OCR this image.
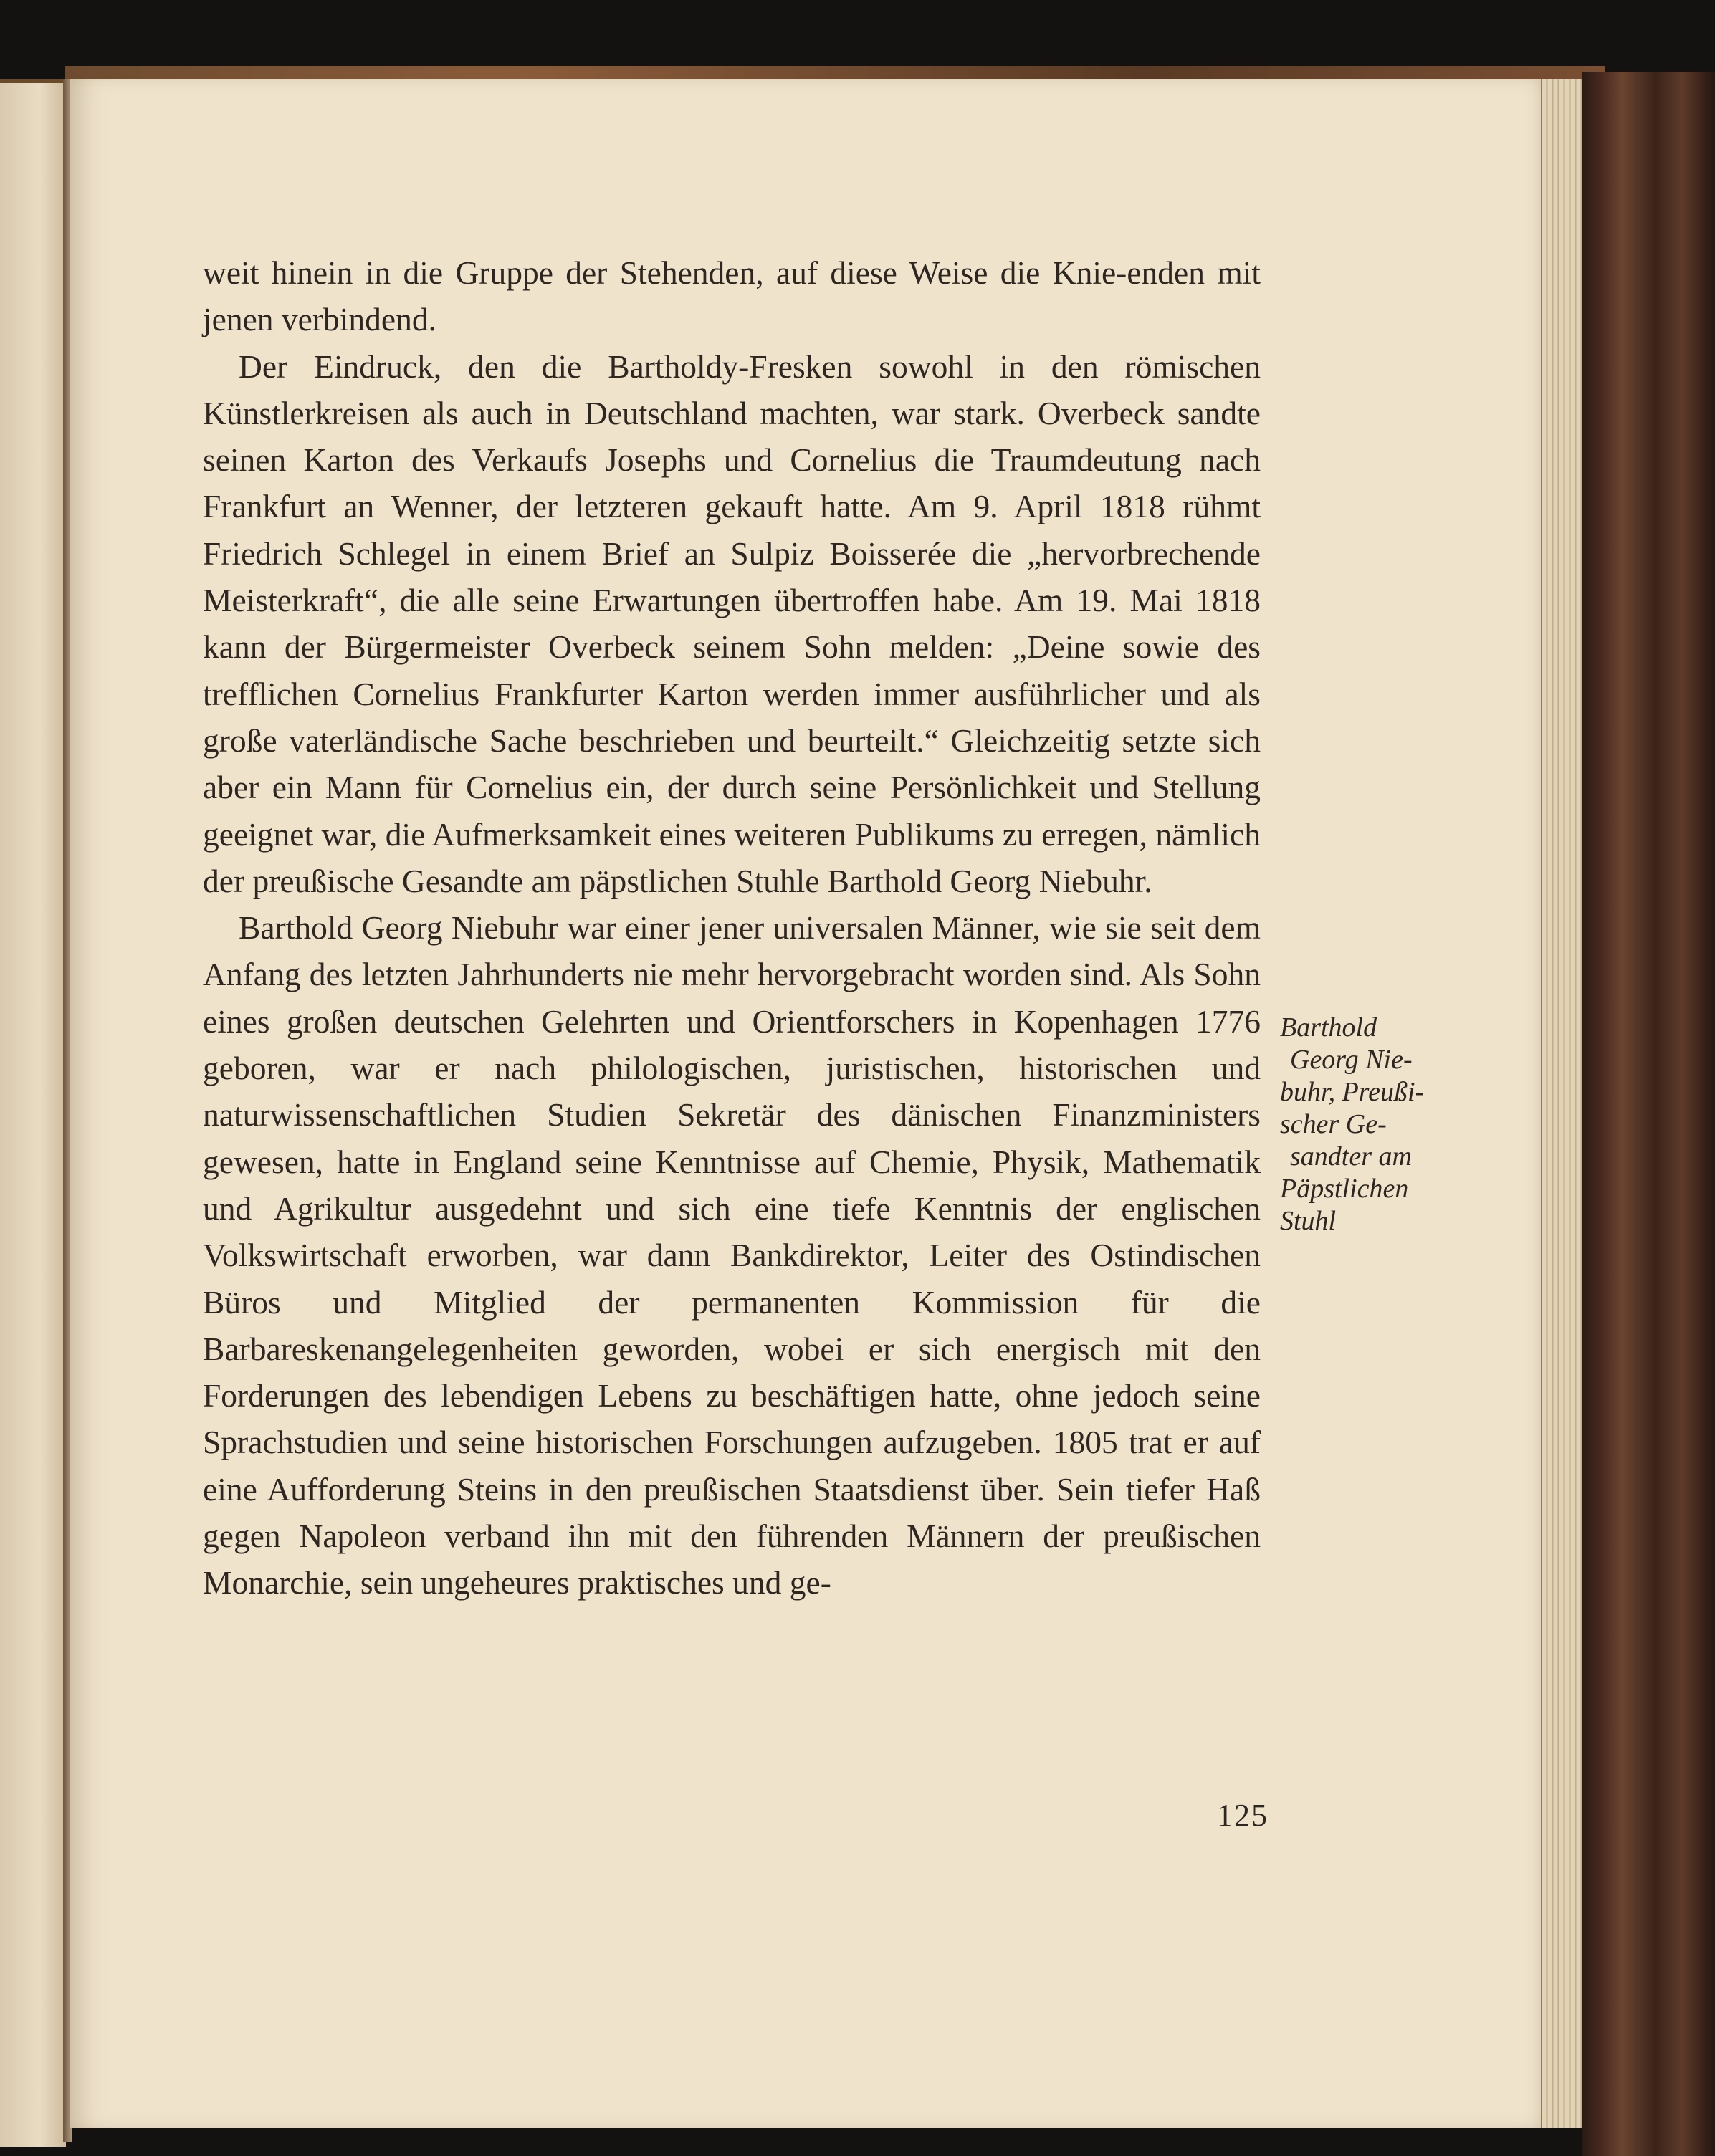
weit hinein in die Gruppe der Stehenden, auf diese Weise die Knie-enden mit jenen verbindend.

Der Eindruck, den die Bartholdy-Fresken sowohl in den römischen Künstlerkreisen als auch in Deutschland machten, war stark. Overbeck sandte seinen Karton des Verkaufs Josephs und Cornelius die Traumdeutung nach Frankfurt an Wenner, der letzteren gekauft hatte. Am 9. April 1818 rühmt Friedrich Schlegel in einem Brief an Sulpiz Boisserée die „hervorbrechende Meisterkraft“, die alle seine Erwartungen übertroffen habe. Am 19. Mai 1818 kann der Bürgermeister Overbeck seinem Sohn melden: „Deine sowie des trefflichen Cornelius Frankfurter Karton werden immer ausführlicher und als große vaterländische Sache beschrieben und beurteilt.“ Gleichzeitig setzte sich aber ein Mann für Cornelius ein, der durch seine Persönlichkeit und Stellung geeignet war, die Aufmerksamkeit eines weiteren Publikums zu erregen, nämlich der preußische Gesandte am päpstlichen Stuhle Barthold Georg Niebuhr.

Barthold Georg Niebuhr war einer jener universalen Männer, wie sie seit dem Anfang des letzten Jahrhunderts nie mehr hervorgebracht worden sind. Als Sohn eines großen deutschen Gelehrten und Orientforschers in Kopenhagen 1776 geboren, war er nach philologischen, juristischen, historischen und naturwissenschaftlichen Studien Sekretär des dänischen Finanzministers gewesen, hatte in England seine Kenntnisse auf Chemie, Physik, Mathematik und Agrikultur ausgedehnt und sich eine tiefe Kenntnis der englischen Volkswirtschaft erworben, war dann Bankdirektor, Leiter des Ostindischen Büros und Mitglied der permanenten Kommission für die Barbareskenangelegenheiten geworden, wobei er sich energisch mit den Forderungen des lebendigen Lebens zu beschäftigen hatte, ohne jedoch seine Sprachstudien und seine historischen Forschungen aufzugeben. 1805 trat er auf eine Aufforderung Steins in den preußischen Staatsdienst über. Sein tiefer Haß gegen Napoleon verband ihn mit den führenden Männern der preußischen Monarchie, sein ungeheures praktisches und ge-

Barthold
Georg Nie-
buhr, Preußi-
scher Ge-
sandter am
Päpstlichen
Stuhl
125
